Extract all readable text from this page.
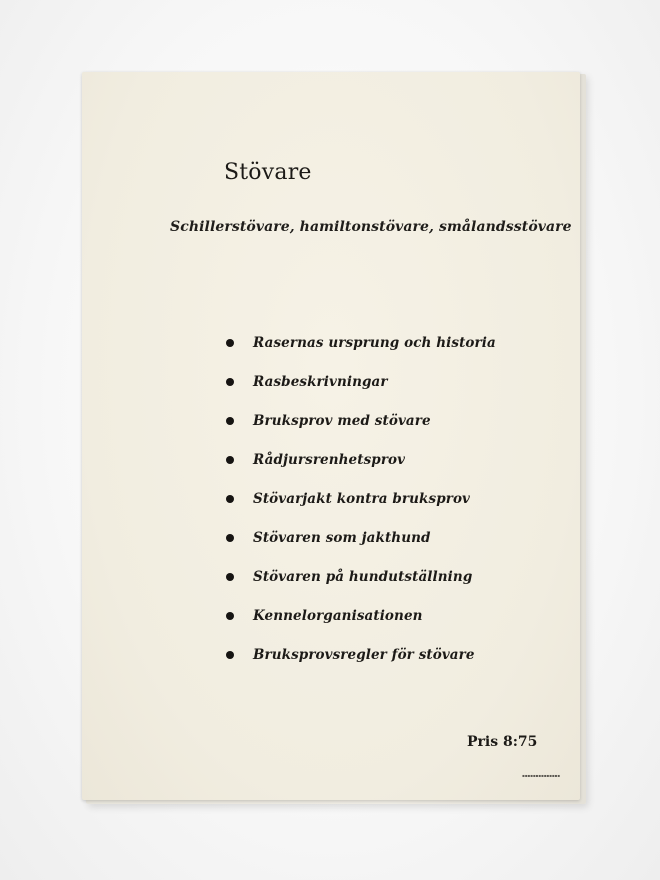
Stövare
Schillerstövare, hamiltonstövare, smålandsstövare
Rasernas ursprung och historia
Rasbeskrivningar
Bruksprov med stövare
Rådjursrenhetsprov
Stövarjakt kontra bruksprov
Stövaren som jakthund
Stövaren på hundutställning
Kennelorganisationen
Bruksprovsregler för stövare
Pris 8:75
▪▪▪▪▪▪▪▪▪▪▪▪▪▪
